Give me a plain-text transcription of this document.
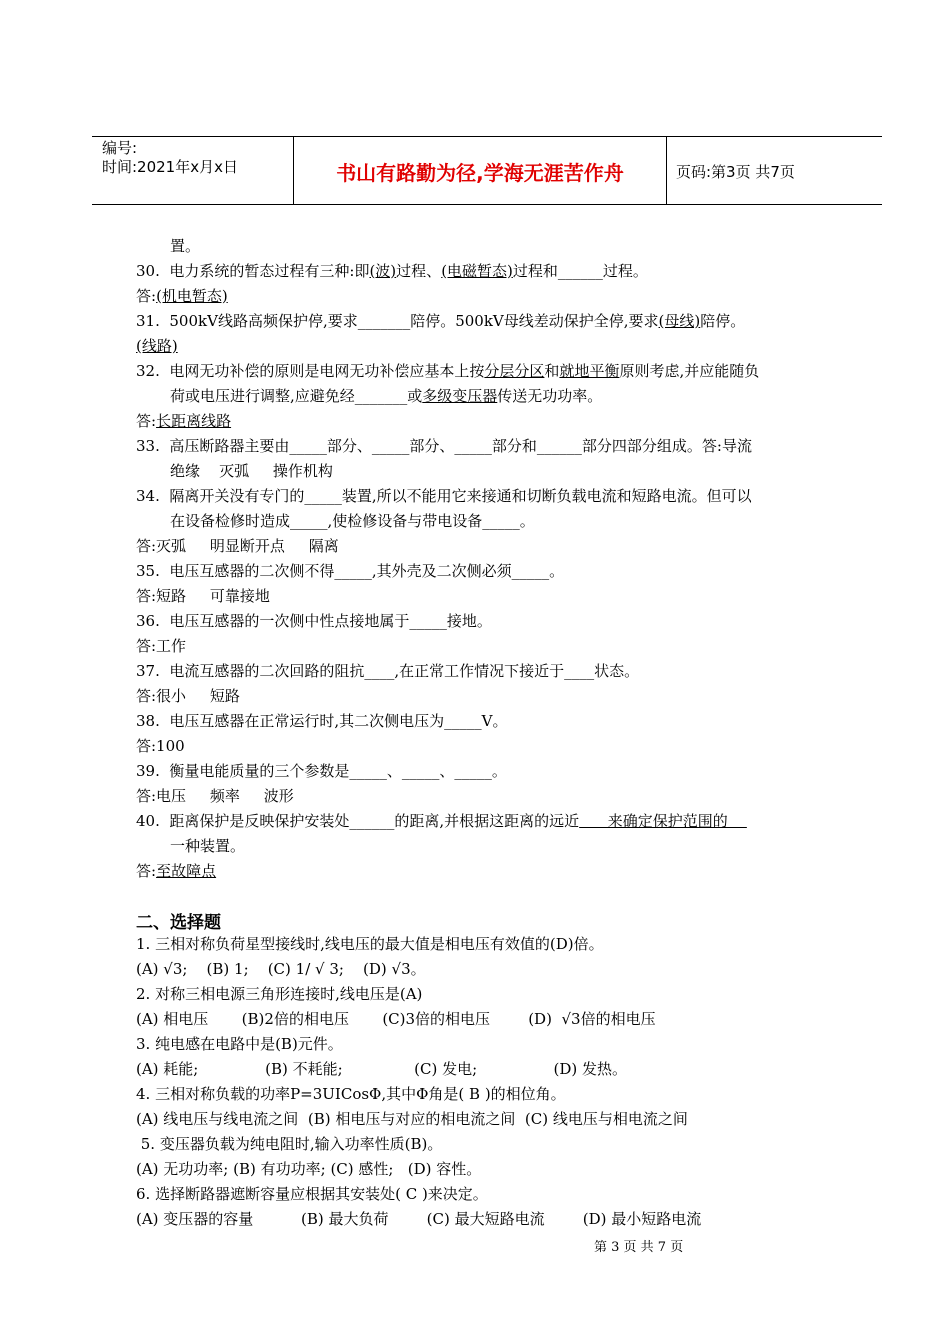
编号:
时间:2021年x月x日	书山有路勤为径,学海无涯苦作舟	页码:第3页 共7页
置。
30.  电力系统的暂态过程有三种:即(波)过程、(电磁暂态)过程和______过程。
答:(机电暂态)
31.  500kV线路高频保护停,要求_______陪停。500kV母线差动保护全停,要求(母线)陪停。
(线路)
32.  电网无功补偿的原则是电网无功补偿应基本上按分层分区和就地平衡原则考虑,并应能随负
荷或电压进行调整,应避免经_______或多级变压器传送无功功率。
答:长距离线路
33.  高压断路器主要由_____部分、_____部分、_____部分和______部分四部分组成。答:导流
绝缘    灭弧     操作机构
34.  隔离开关没有专门的_____装置,所以不能用它来接通和切断负载电流和短路电流。但可以
在设备检修时造成_____,使检修设备与带电设备_____。
答:灭弧     明显断开点     隔离
35.  电压互感器的二次侧不得_____,其外壳及二次侧必须_____。
答:短路     可靠接地
36.  电压互感器的一次侧中性点接地属于_____接地。
答:工作
37.  电流互感器的二次回路的阻抗____,在正常工作情况下接近于____状态。
答:很小     短路
38.  电压互感器在正常运行时,其二次侧电压为_____V。
答:100
39.  衡量电能质量的三个参数是_____、_____、_____。
答:电压     频率     波形
40.  距离保护是反映保护安装处______的距离,并根据这距离的远近      来确定保护范围的
一种装置。
答:至故障点
二、选择题
1. 三相对称负荷星型接线时,线电压的最大值是相电压有效值的(D)倍。
(A) √3;    (B) 1;    (C) 1/ √ 3;    (D) √3。
2. 对称三相电源三角形连接时,线电压是(A)
(A) 相电压       (B)2倍的相电压       (C)3倍的相电压        (D)  √3倍的相电压
3. 纯电感在电路中是(B)元件。
(A) 耗能;              (B) 不耗能;               (C) 发电;                (D) 发热。
4. 三相对称负载的功率P=3UICosΦ,其中Φ角是( B )的相位角。
(A) 线电压与线电流之间  (B) 相电压与对应的相电流之间  (C) 线电压与相电流之间
5. 变压器负载为纯电阻时,输入功率性质(B)。
(A) 无功功率; (B) 有功功率; (C) 感性;   (D) 容性。
6. 选择断路器遮断容量应根据其安装处( C )来决定。
(A) 变压器的容量          (B) 最大负荷        (C) 最大短路电流        (D) 最小短路电流
第 3 页 共 7 页
